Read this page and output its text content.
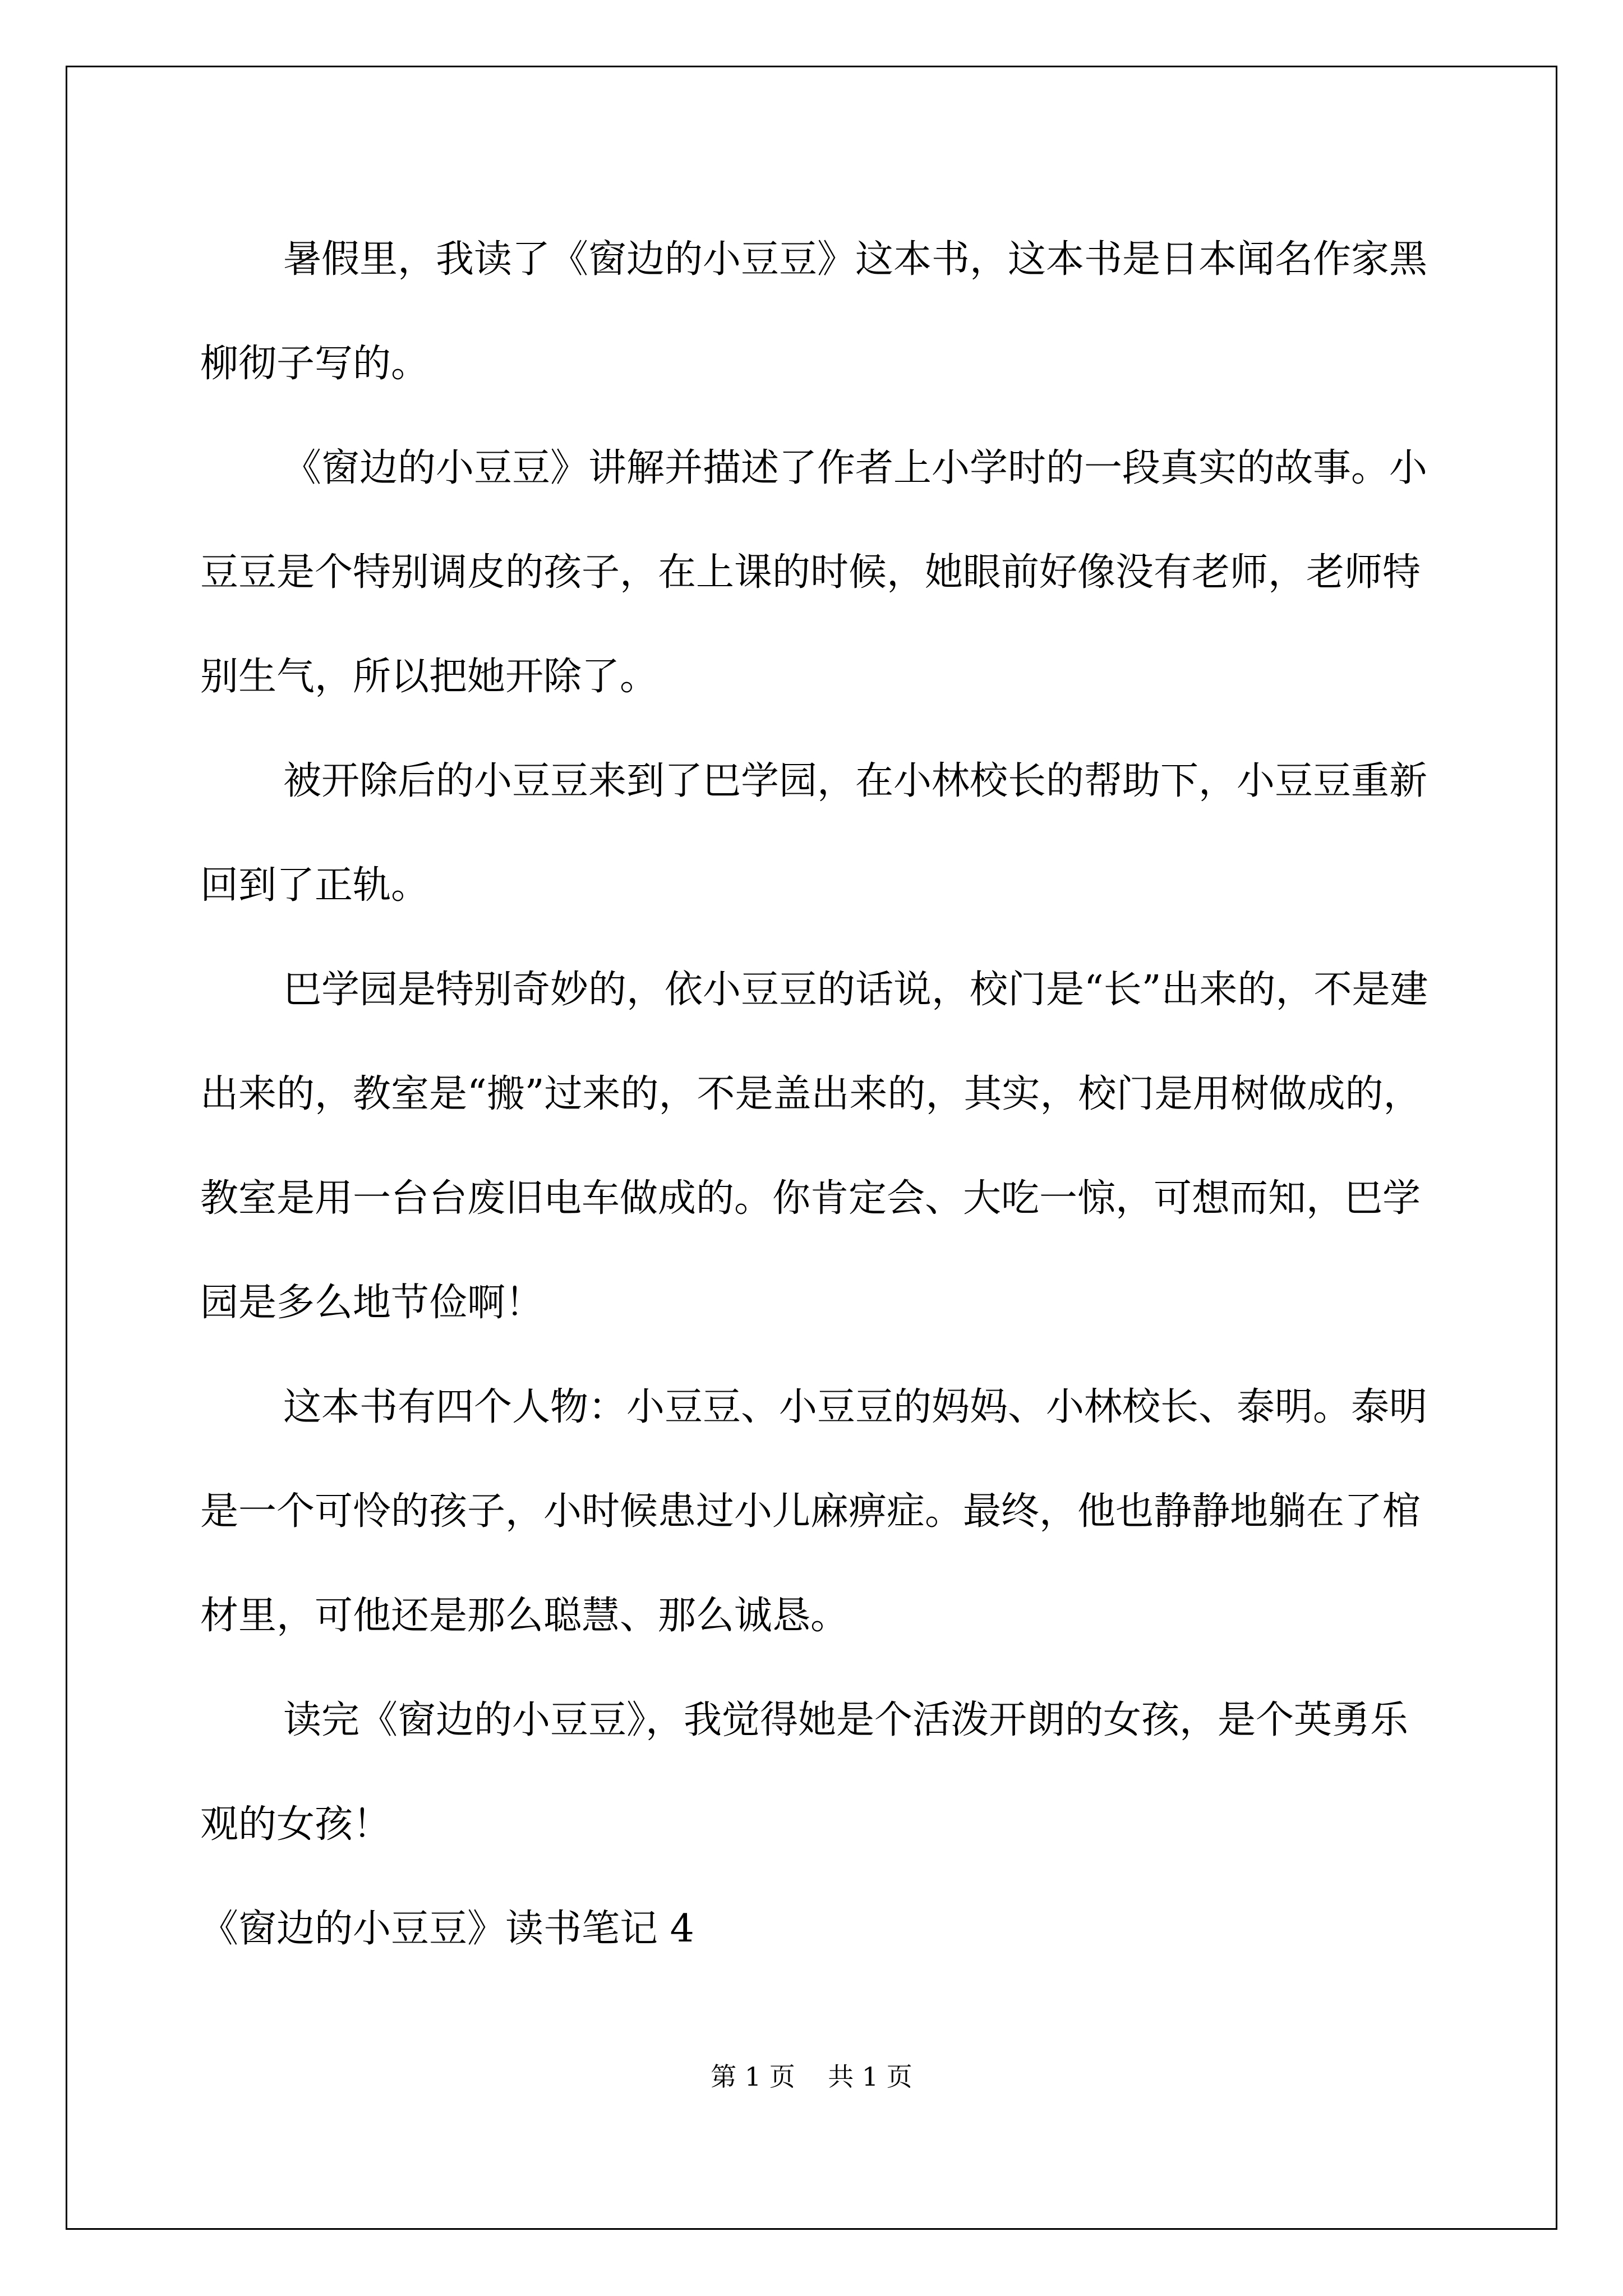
暑假里，我读了《窗边的小豆豆》这本书，这本书是日本闻名作家黑柳彻子写的。

《窗边的小豆豆》讲解并描述了作者上小学时的一段真实的故事。小豆豆是个特别调皮的孩子，在上课的时候，她眼前好像没有老师，老师特别生气，所以把她开除了。

被开除后的小豆豆来到了巴学园，在小林校长的帮助下，小豆豆重新回到了正轨。

巴学园是特别奇妙的，依小豆豆的话说，校门是“长”出来的，不是建出来的，教室是“搬”过来的，不是盖出来的，其实，校门是用树做成的，教室是用一台台废旧电车做成的。你肯定会、大吃一惊，可想而知，巴学园是多么地节俭啊！

这本书有四个人物：小豆豆、小豆豆的妈妈、小林校长、泰明。泰明是一个可怜的孩子，小时候患过小儿麻痹症。最终，他也静静地躺在了棺材里，可他还是那么聪慧、那么诚恳。

读完《窗边的小豆豆》，我觉得她是个活泼开朗的女孩，是个英勇乐观的女孩！

《窗边的小豆豆》读书笔记 4

第 1 页    共 1 页
